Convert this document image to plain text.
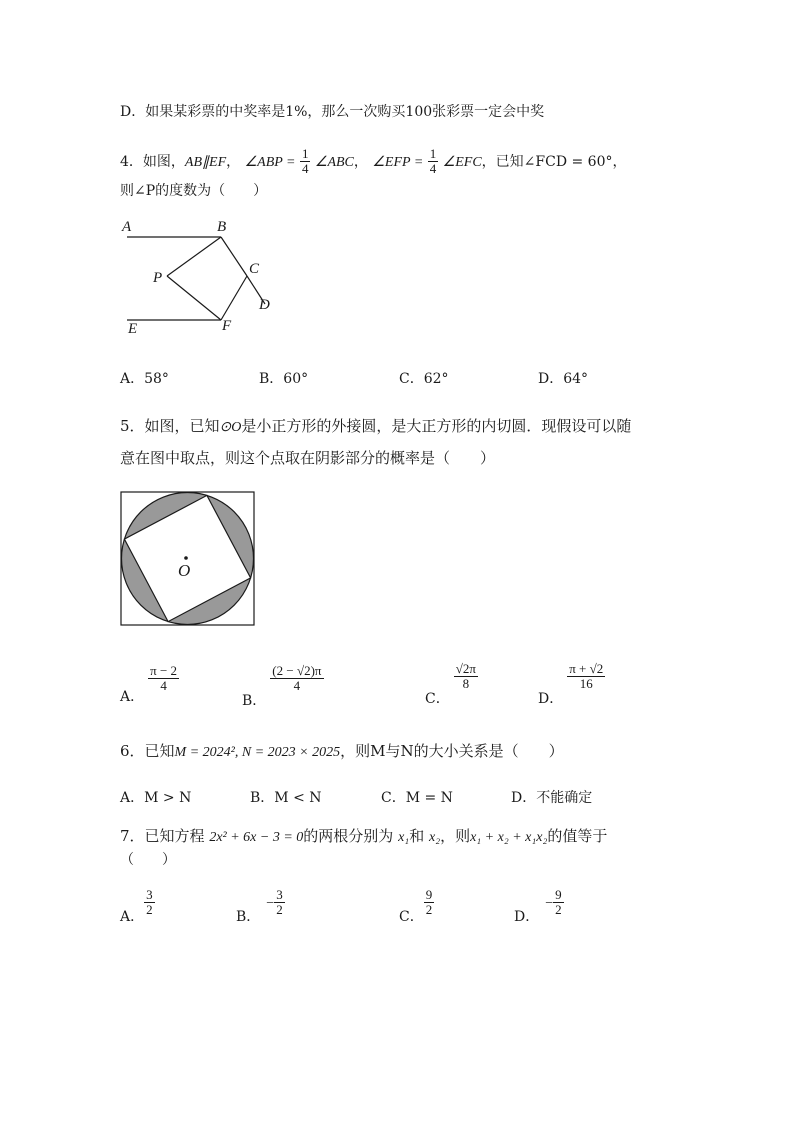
D．如果某彩票的中奖率是1%，那么一次购买100张彩票一定会中奖
4．如图，AB∥EF， ∠ABP = $\frac{1}{4}$ ∠ABC， ∠EFP = $\frac{1}{4}$ ∠EFC，已知∠FCD = 60°，
则∠P的度数为（　　）
A	B
C
D
E	F
P
A．58°	B．60°	C．62°	D．64°
5．如图，已知⊙O是小正方形的外接圆，是大正方形的内切圆．现假设可以随
意在图中取点，则这个点取在阴影部分的概率是（　　）
O
A．
$\frac{\pi - 2}{4}$
B．
$\frac{(2 - √2)\pi}{4}$
C．
$\frac{√2\pi}{8}$
D．
$\frac{\pi + √2}{16}$
6．已知M = 2024², N = 2023 × 2025，则M与N的大小关系是（　　）
A．M > N	B．M < N	C．M = N	D．不能确定
7．已知方程 2x² + 6x − 3 = 0的两根分别为 x₁和 x₂，则x₁ + x₂ + x₁x₂的值等于
（　　）
A． $\frac{3}{2}$	B．− $\frac{3}{2}$	C． $\frac{9}{2}$	D．− $\frac{9}{2}$
